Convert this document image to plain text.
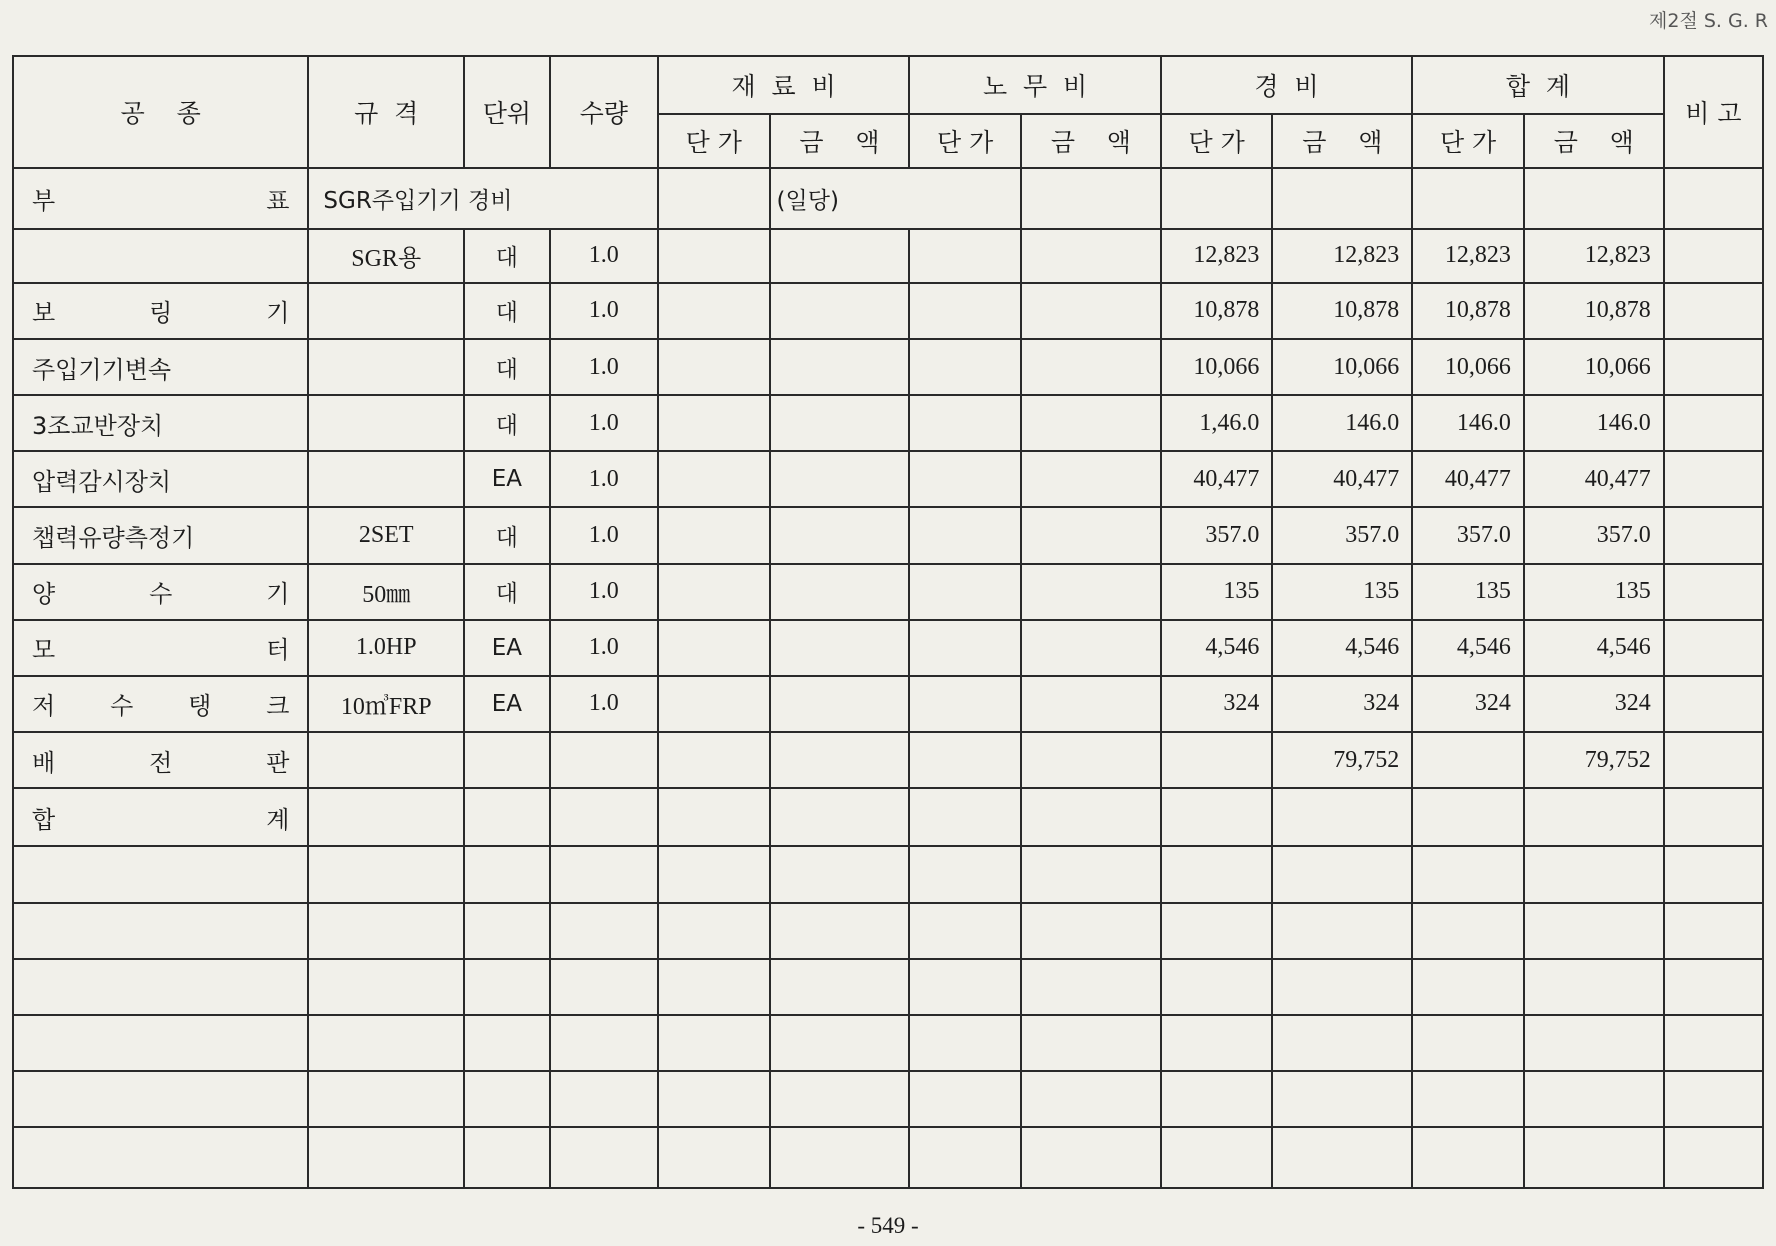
제2절 S. G. R
공    종	규  격	단위	수량	재  료  비		노  무  비		경  비		합  계		비 고
				단 가	금    액	단 가	금    액	단 가	금    액	단 가	금    액	
부 표	SGR주입기기 경비				(일당)							
	SGR용	대	1.0					12,823	12,823	12,823	12,823	
보 링 기		대	1.0					10,878	10,878	10,878	10,878	
주입기기변속		대	1.0					10,066	10,066	10,066	10,066	
3조교반장치		대	1.0					1,46.0	146.0	146.0	146.0	
압력감시장치		EA	1.0					40,477	40,477	40,477	40,477	
챕력유량측정기	2SET	대	1.0					357.0	357.0	357.0	357.0	
양 수 기	50㎜	대	1.0					135	135	135	135	
모 터	1.0HP	EA	1.0					4,546	4,546	4,546	4,546	
저 수 탱 크	10㎥FRP	EA	1.0					324	324	324	324	
배 전 판									79,752		79,752	
합 계												

- 549 -
